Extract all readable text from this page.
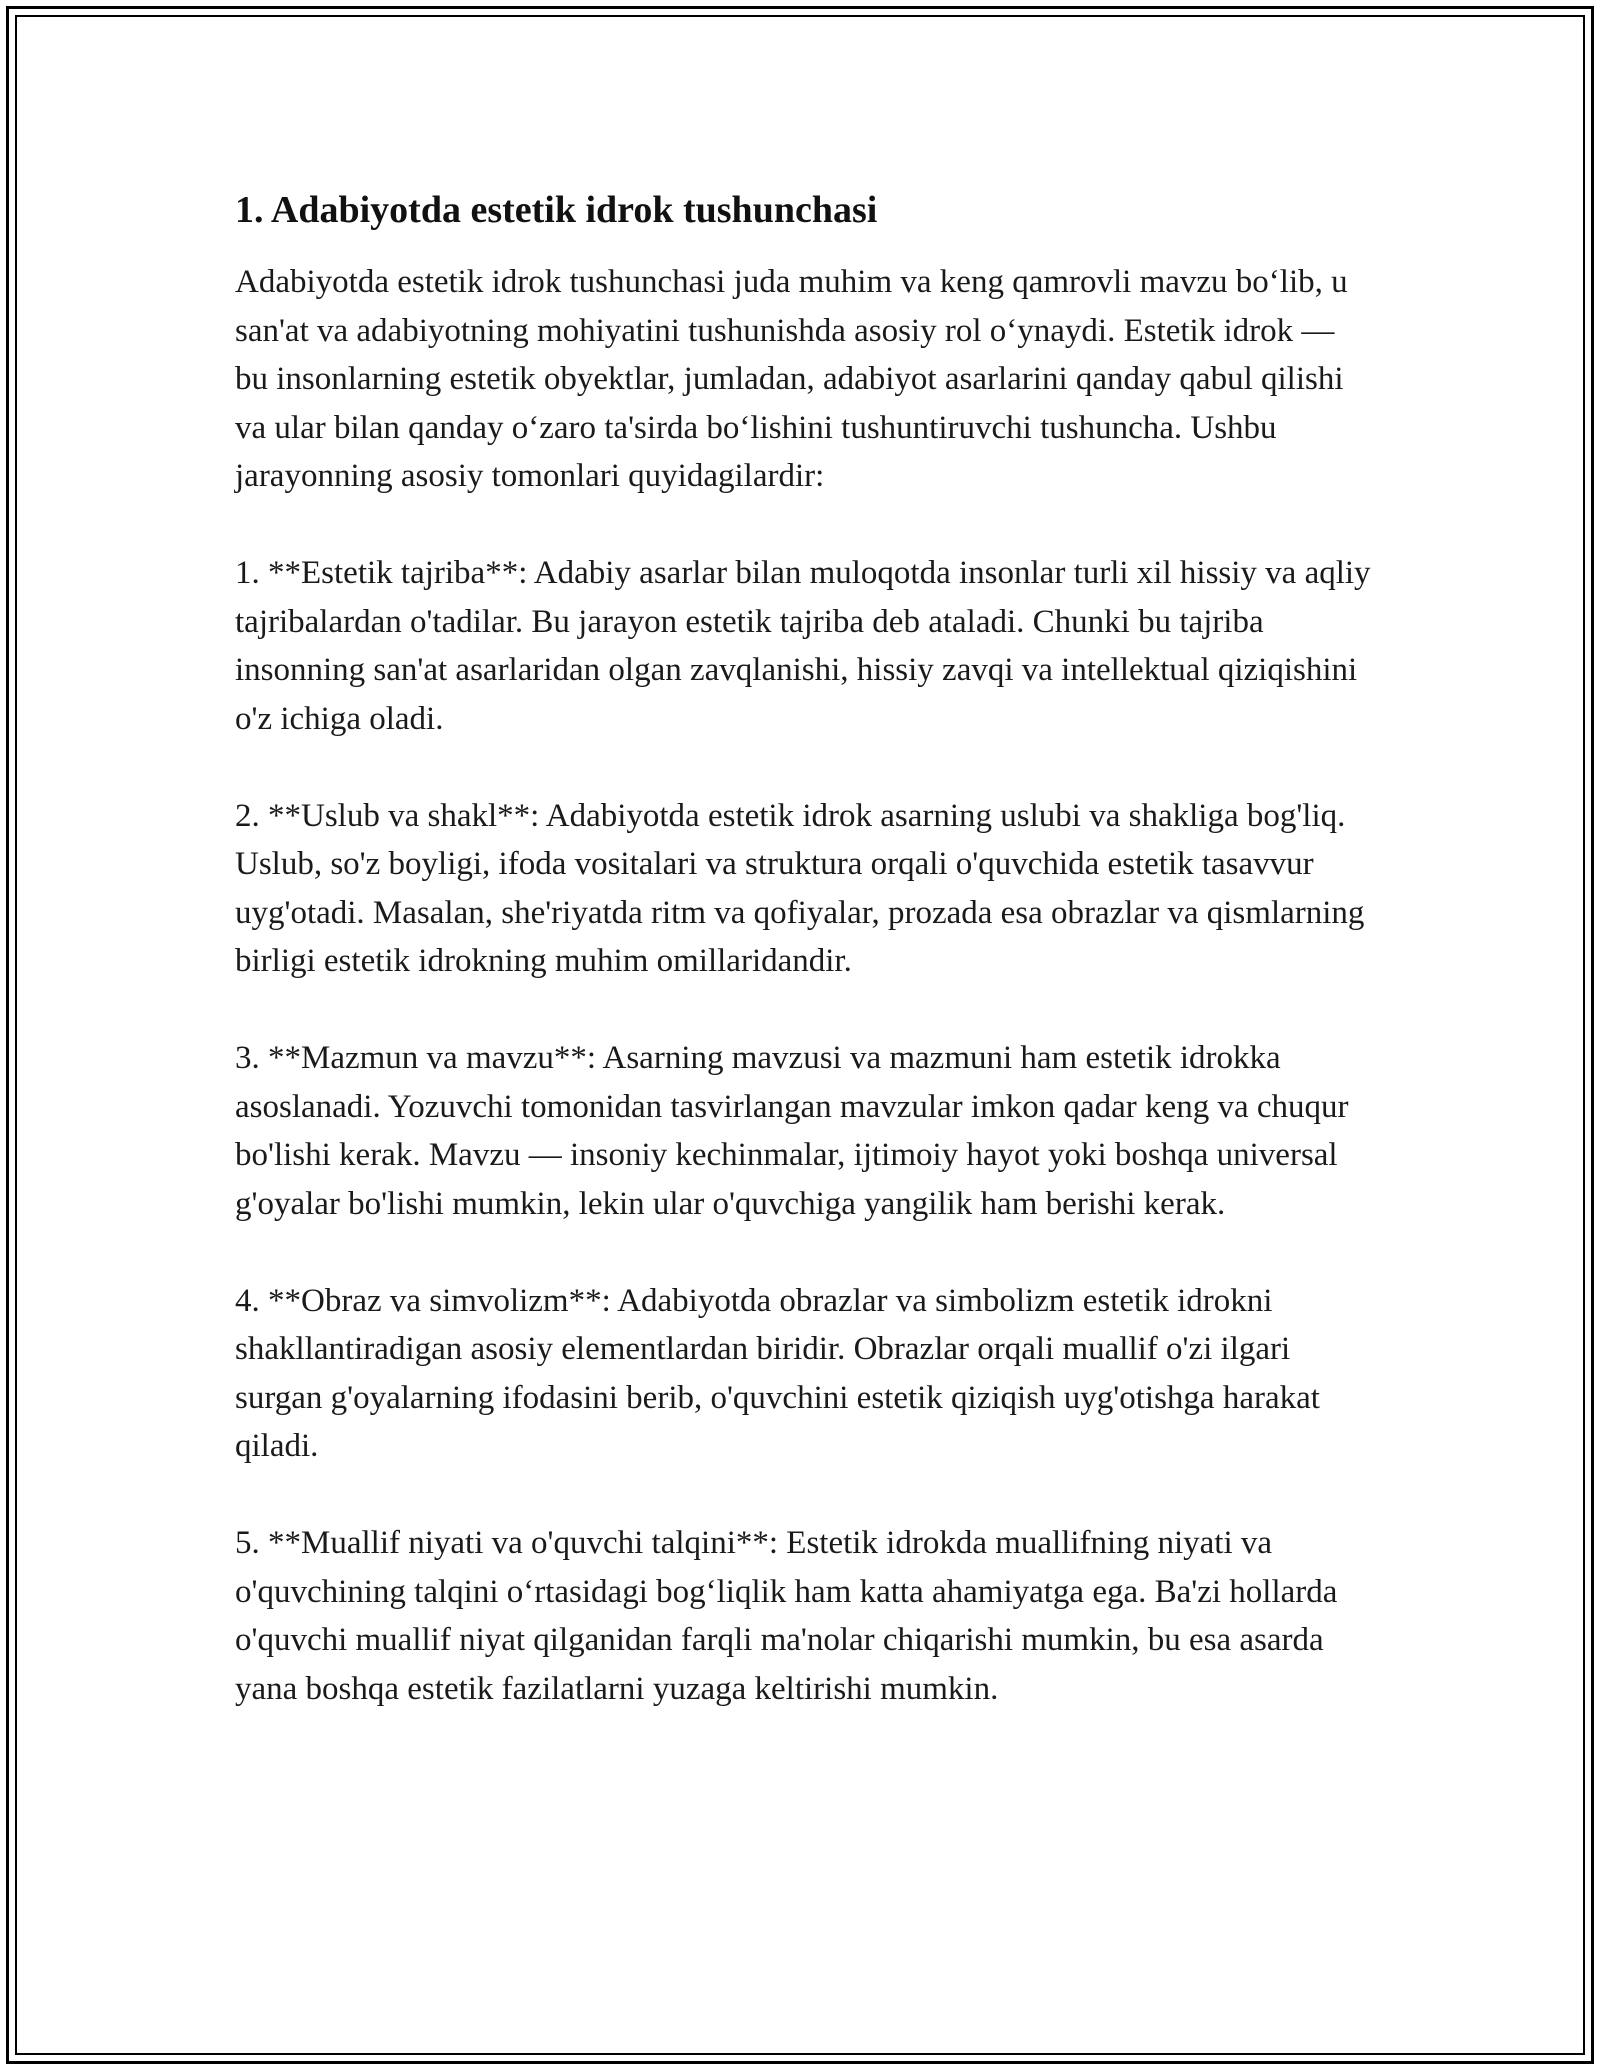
1. Adabiyotda estetik idrok tushunchasi

Adabiyotda estetik idrok tushunchasi juda muhim va keng qamrovli mavzu bo‘lib, u san'at va adabiyotning mohiyatini tushunishda asosiy rol o‘ynaydi. Estetik idrok — bu insonlarning estetik obyektlar, jumladan, adabiyot asarlarini qanday qabul qilishi va ular bilan qanday o‘zaro ta'sirda bo‘lishini tushuntiruvchi tushuncha. Ushbu jarayonning asosiy tomonlari quyidagilardir:

1. **Estetik tajriba**: Adabiy asarlar bilan muloqotda insonlar turli xil hissiy va aqliy tajribalardan o'tadilar. Bu jarayon estetik tajriba deb ataladi. Chunki bu tajriba insonning san'at asarlaridan olgan zavqlanishi, hissiy zavqi va intellektual qiziqishini o'z ichiga oladi.

2. **Uslub va shakl**: Adabiyotda estetik idrok asarning uslubi va shakliga bog'liq. Uslub, so'z boyligi, ifoda vositalari va struktura orqali o'quvchida estetik tasavvur uyg'otadi. Masalan, she'riyatda ritm va qofiyalar, prozada esa obrazlar va qismlarning birligi estetik idrokning muhim omillaridandir.

3. **Mazmun va mavzu**: Asarning mavzusi va mazmuni ham estetik idrokka asoslanadi. Yozuvchi tomonidan tasvirlangan mavzular imkon qadar keng va chuqur bo'lishi kerak. Mavzu — insoniy kechinmalar, ijtimoiy hayot yoki boshqa universal g'oyalar bo'lishi mumkin, lekin ular o'quvchiga yangilik ham berishi kerak.

4. **Obraz va simvolizm**: Adabiyotda obrazlar va simbolizm estetik idrokni shakllantiradigan asosiy elementlardan biridir. Obrazlar orqali muallif o'zi ilgari surgan g'oyalarning ifodasini berib, o'quvchini estetik qiziqish uyg'otishga harakat qiladi.

5. **Muallif niyati va o'quvchi talqini**: Estetik idrokda muallifning niyati va o'quvchining talqini o‘rtasidagi bog‘liqlik ham katta ahamiyatga ega. Ba'zi hollarda o'quvchi muallif niyat qilganidan farqli ma'nolar chiqarishi mumkin, bu esa asarda yana boshqa estetik fazilatlarni yuzaga keltirishi mumkin.
